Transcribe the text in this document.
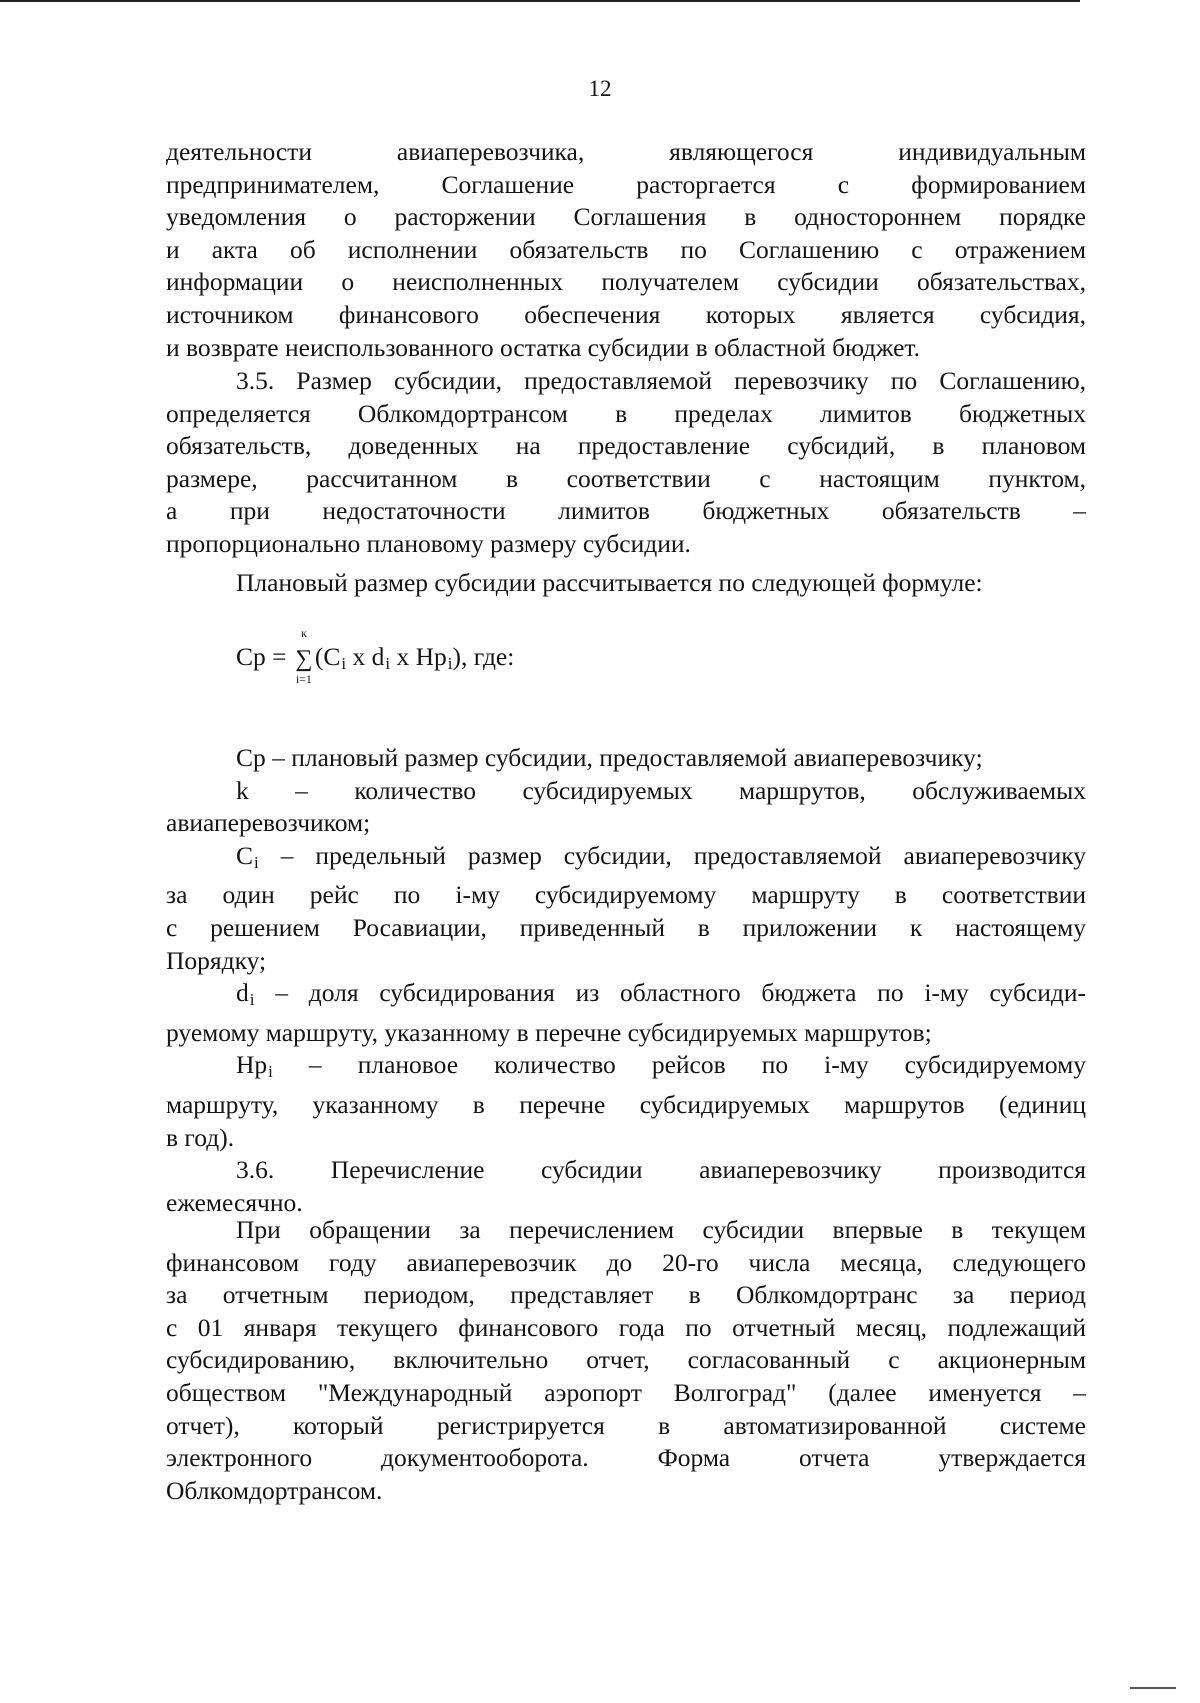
12

деятельности авиаперевозчика, являющегося индивидуальным

предпринимателем, Соглашение расторгается с формированием

уведомления о расторжении Соглашения в одностороннем порядке

и акта об исполнении обязательств по Соглашению с отражением

информации о неисполненных получателем субсидии обязательствах,

источником финансового обеспечения которых является субсидия,

и возврате неиспользованного остатка субсидии в областной бюджет.

3.5. Размер субсидии, предоставляемой перевозчику по Соглашению,

определяется Облкомдортрансом в пределах лимитов бюджетных

обязательств, доведенных на предоставление субсидий, в плановом

размере, рассчитанном в соответствии с настоящим пунктом,

а при недостаточности лимитов бюджетных обязательств –

пропорционально плановому размеру субсидии.

Плановый размер субсидии рассчитывается по следующей формуле:

Ср =
к
∑
i=1
($С_i$ х $d_i$ х $Нр_i$), где:

Ср – плановый размер субсидии, предоставляемой авиаперевозчику;

k – количество субсидируемых маршрутов, обслуживаемых

авиаперевозчиком;

$С_i$ – предельный размер субсидии, предоставляемой авиаперевозчику

за один рейс по i-му субсидируемому маршруту в соответствии

с решением Росавиации, приведенный в приложении к настоящему

Порядку;

$d_i$ – доля субсидирования из областного бюджета по i-му субсиди-

руемому маршруту, указанному в перечне субсидируемых маршрутов;

$Нр_i$ – плановое количество рейсов по i-му субсидируемому

маршруту, указанному в перечне субсидируемых маршрутов (единиц

в год).

3.6. Перечисление субсидии авиаперевозчику производится

ежемесячно.

При обращении за перечислением субсидии впервые в текущем

финансовом году авиаперевозчик до 20-го числа месяца, следующего

за отчетным периодом, представляет в Облкомдортранс за период

с 01 января текущего финансового года по отчетный месяц, подлежащий

субсидированию, включительно отчет, согласованный с акционерным

обществом "Международный аэропорт Волгоград" (далее именуется –

отчет), который регистрируется в автоматизированной системе

электронного документооборота. Форма отчета утверждается

Облкомдортрансом.
